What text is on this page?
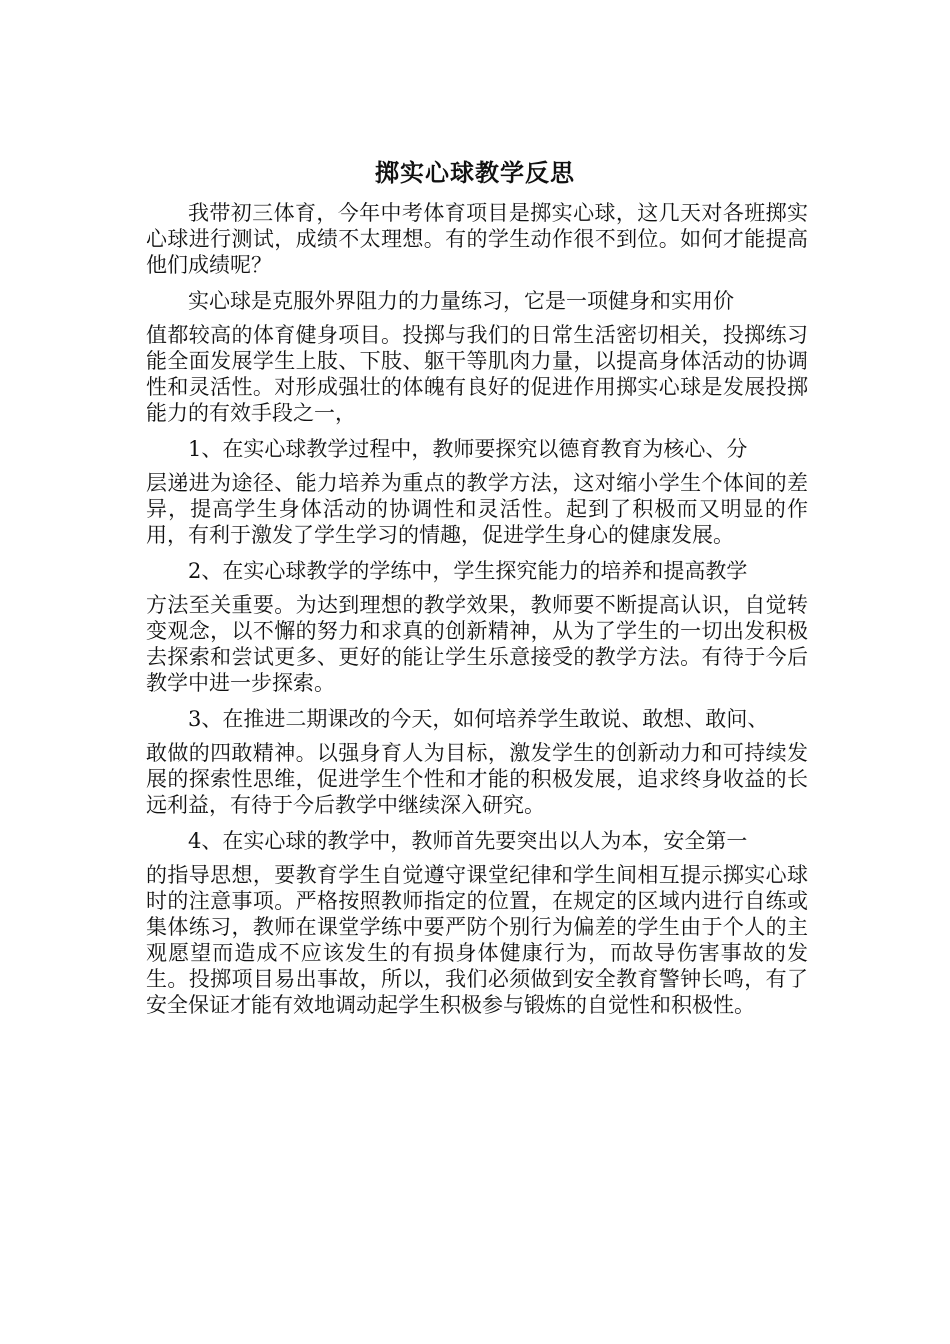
掷实心球教学反思

我带初三体育，今年中考体育项目是掷实心球，这几天对各班掷实心球进行测试，成绩不太理想。有的学生动作很不到位。如何才能提高他们成绩呢？

实心球是克服外界阻力的力量练习，它是一项健身和实用价
值都较高的体育健身项目。投掷与我们的日常生活密切相关，投掷练习能全面发展学生上肢、下肢、躯干等肌肉力量，以提高身体活动的协调性和灵活性。对形成强壮的体魄有良好的促进作用掷实心球是发展投掷能力的有效手段之一，

1、在实心球教学过程中，教师要探究以德育教育为核心、分
层递进为途径、能力培养为重点的教学方法，这对缩小学生个体间的差异，提高学生身体活动的协调性和灵活性。起到了积极而又明显的作用，有利于激发了学生学习的情趣，促进学生身心的健康发展。

2、在实心球教学的学练中，学生探究能力的培养和提高教学
方法至关重要。为达到理想的教学效果，教师要不断提高认识，自觉转变观念，以不懈的努力和求真的创新精神，从为了学生的一切出发积极去探索和尝试更多、更好的能让学生乐意接受的教学方法。有待于今后教学中进一步探索。

3、在推进二期课改的今天，如何培养学生敢说、敢想、敢问、
敢做的四敢精神。以强身育人为目标，激发学生的创新动力和可持续发展的探索性思维，促进学生个性和才能的积极发展，追求终身收益的长远利益，有待于今后教学中继续深入研究。

4、在实心球的教学中，教师首先要突出以人为本，安全第一
的指导思想，要教育学生自觉遵守课堂纪律和学生间相互提示掷实心球时的注意事项。严格按照教师指定的位置，在规定的区域内进行自练或集体练习，教师在课堂学练中要严防个别行为偏差的学生由于个人的主观愿望而造成不应该发生的有损身体健康行为，而故导伤害事故的发生。投掷项目易出事故，所以，我们必须做到安全教育警钟长鸣，有了安全保证才能有效地调动起学生积极参与锻炼的自觉性和积极性。
